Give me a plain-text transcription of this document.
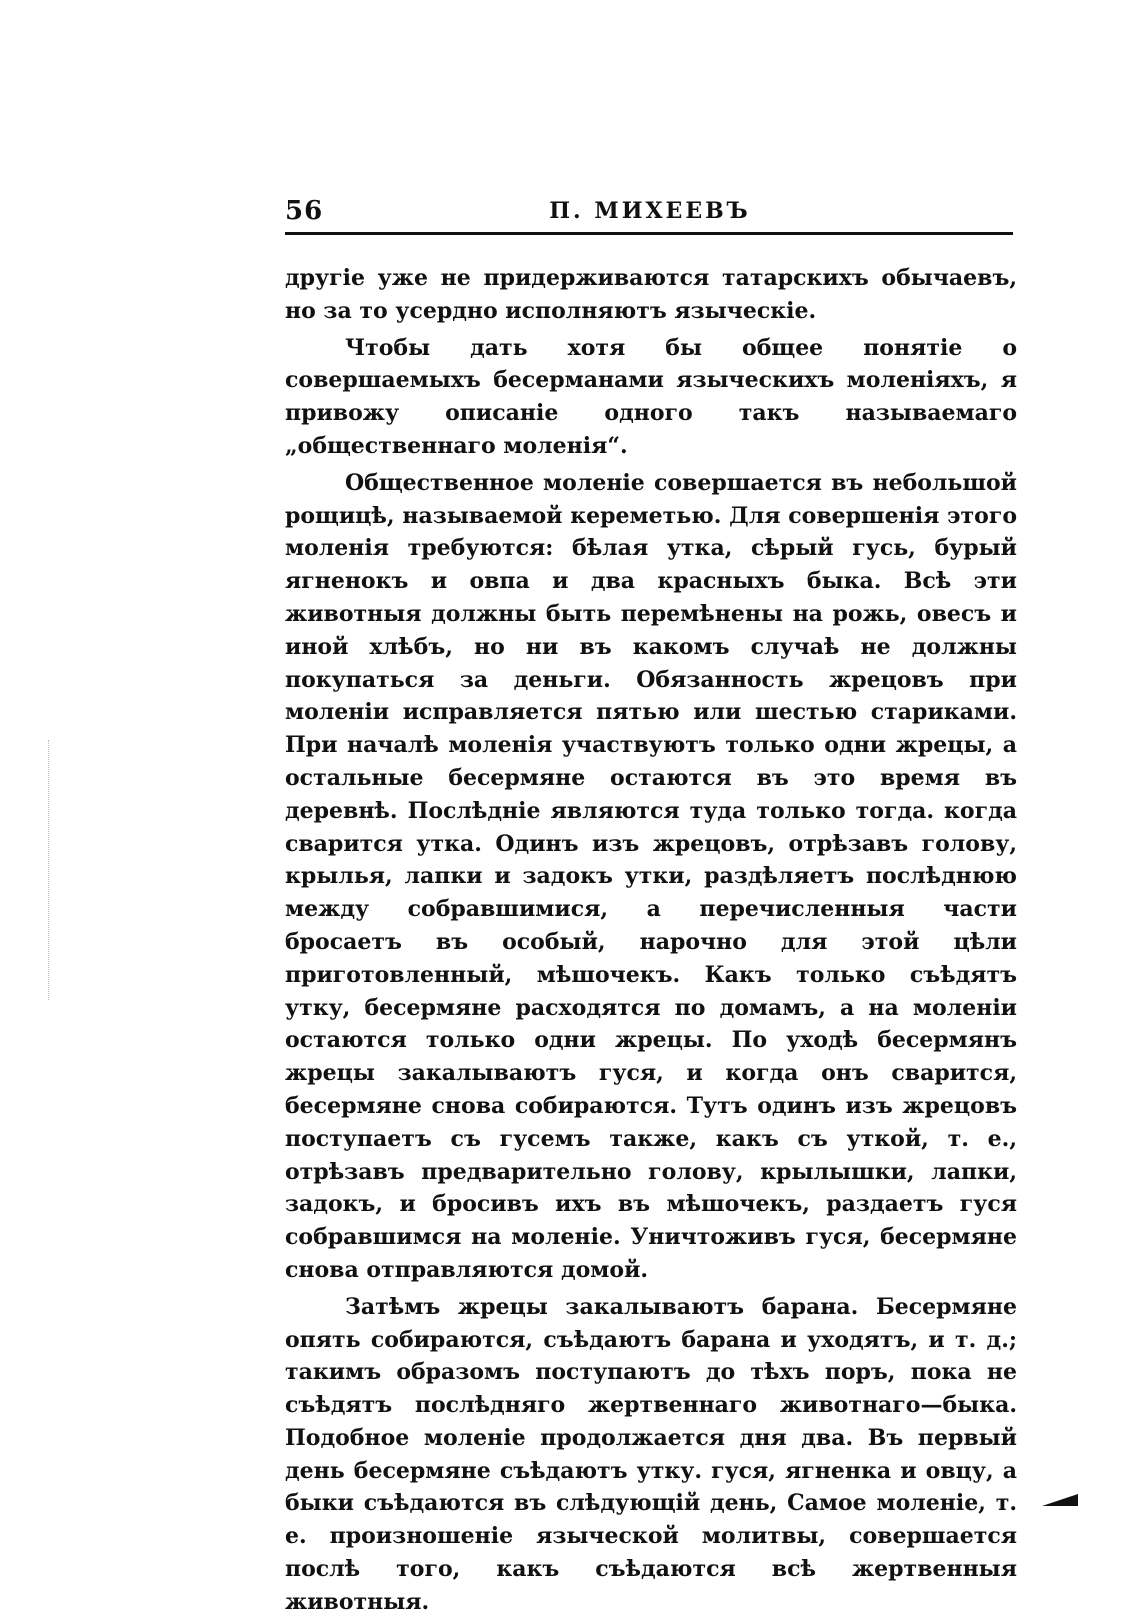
56	П. МИХЕЕВЪ

другіе уже не придерживаются татарскихъ обычаевъ, но за то усердно исполняютъ языческіе.

Чтобы дать хотя бы общее понятіе о совершаемыхъ бесерманами языческихъ моленіяхъ, я привожу описаніе одного такъ называемаго „общественнаго моленія“.

Общественное моленіе совершается въ небольшой рощицѣ, называемой кереметью. Для совершенія этого моленія требуются: бѣлая утка, сѣрый гусь, бурый ягненокъ и овпа и два красныхъ быка. Всѣ эти животныя должны быть перемѣнены на рожь, овесъ и иной хлѣбъ, но ни въ какомъ случаѣ не должны покупаться за деньги. Обязанность жрецовъ при моленіи исправляется пятью или шестью стариками. При началѣ моленія участвуютъ только одни жрецы, а остальные бесермяне остаются въ это время въ деревнѣ. Послѣдніе являются туда только тогда. когда сварится утка. Одинъ изъ жрецовъ, отрѣзавъ голову, крылья, лапки и задокъ утки, раздѣляетъ послѣднюю между собравшимися, а перечисленныя части бросаетъ въ особый, нарочно для этой цѣли приготовленный, мѣшочекъ. Какъ только съѣдятъ утку, бесермяне расходятся по домамъ, а на моленіи остаются только одни жрецы. По уходѣ бесермянъ жрецы закалываютъ гуся, и когда онъ сварится, бесермяне снова собираются. Тутъ одинъ изъ жрецовъ поступаетъ съ гусемъ также, какъ съ уткой, т. е., отрѣзавъ предварительно голову, крылышки, лапки, задокъ, и бросивъ ихъ въ мѣшочекъ, раздаетъ гуся собравшимся на моленіе. Уничтоживъ гуся, бесермяне снова отправляются домой.

Затѣмъ жрецы закалываютъ барана. Бесермяне опять собираются, съѣдаютъ барана и уходятъ, и т. д.; такимъ образомъ поступаютъ до тѣхъ поръ, пока не съѣдятъ послѣдняго жертвеннаго животнаго—быка. Подобное моленіе продолжается дня два. Въ первый день бесермяне съѣдаютъ утку. гуся, ягненка и овцу, а быки съѣдаются въ слѣдующій день, Самое моленіе, т. е. произношеніе языческой молитвы, совершается послѣ того, какъ съѣдаются всѣ жертвенныя животныя.
